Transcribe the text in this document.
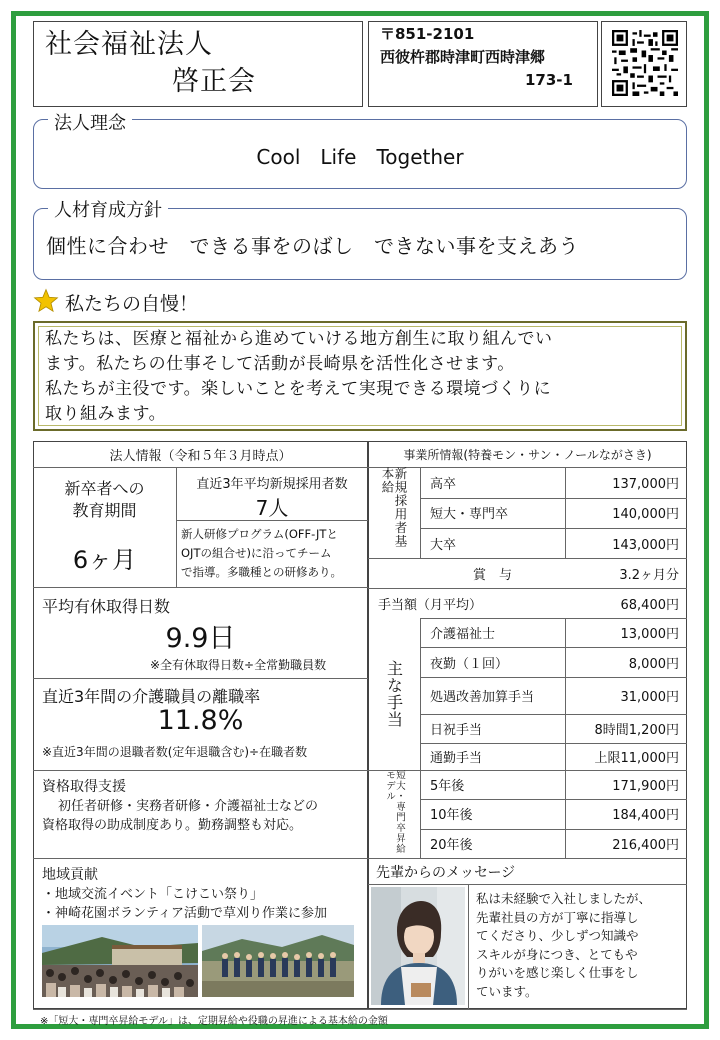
社会福祉法人
啓正会
〒851-2101
西彼杵郡時津町西時津郷
173-1
法人理念
Cool　Life　Together
人材育成方針
個性に合わせ　できる事をのばし　できない事を支えあう
私たちの自慢！
私たちは、医療と福祉から進めていける地方創生に取り組んでい
ます。私たちの仕事そして活動が長崎県を活性化させます。
私たちが主役です。楽しいことを考えて実現できる環境づくりに
取り組みます。
法人情報（令和５年３月時点）
新卒者への
教育期間
6ヶ月
直近3年平均新規採用者数
7人
新人研修プログラム(OFF-JTと
OJTの組合せ)に沿ってチーム
で指導。多職種との研修あり。
平均有休取得日数
9.9日
※全有休取得日数÷全常勤職員数
直近3年間の介護職員の離職率
11.8%
※直近3年間の退職者数(定年退職含む)÷在職者数
資格取得支援
初任者研修・実務者研修・介護福祉士などの
資格取得の助成制度あり。勤務調整も対応。
地域貢献
・地域交流イベント「こけこい祭り」
・神崎花園ボランティア活動で草刈り作業に参加
事業所情報(特養モン・サン・ノールながさき)
新規採用者基本給	高卒	137,000円
短大・専門卒	140,000円
大卒	143,000円
賞　与	3.2ヶ月分
手当額（月平均）	68,400円
主な手当
介護福祉士	13,000円
夜勤（１回）	8,000円
処遇改善加算手当	31,000円
日祝手当	8時間1,200円
通勤手当	上限11,000円
短大・専門卒昇給モデル	5年後	171,900円
10年後	184,400円
20年後	216,400円
先輩からのメッセージ
私は未経験で入社しましたが、
先輩社員の方が丁寧に指導し
てくださり、少しずつ知識や
スキルが身につき、とてもや
りがいを感じ楽しく仕事をし
ています。
※「短大・専門卒昇給モデル」は、定期昇給や役職の昇進による基本給の金額
